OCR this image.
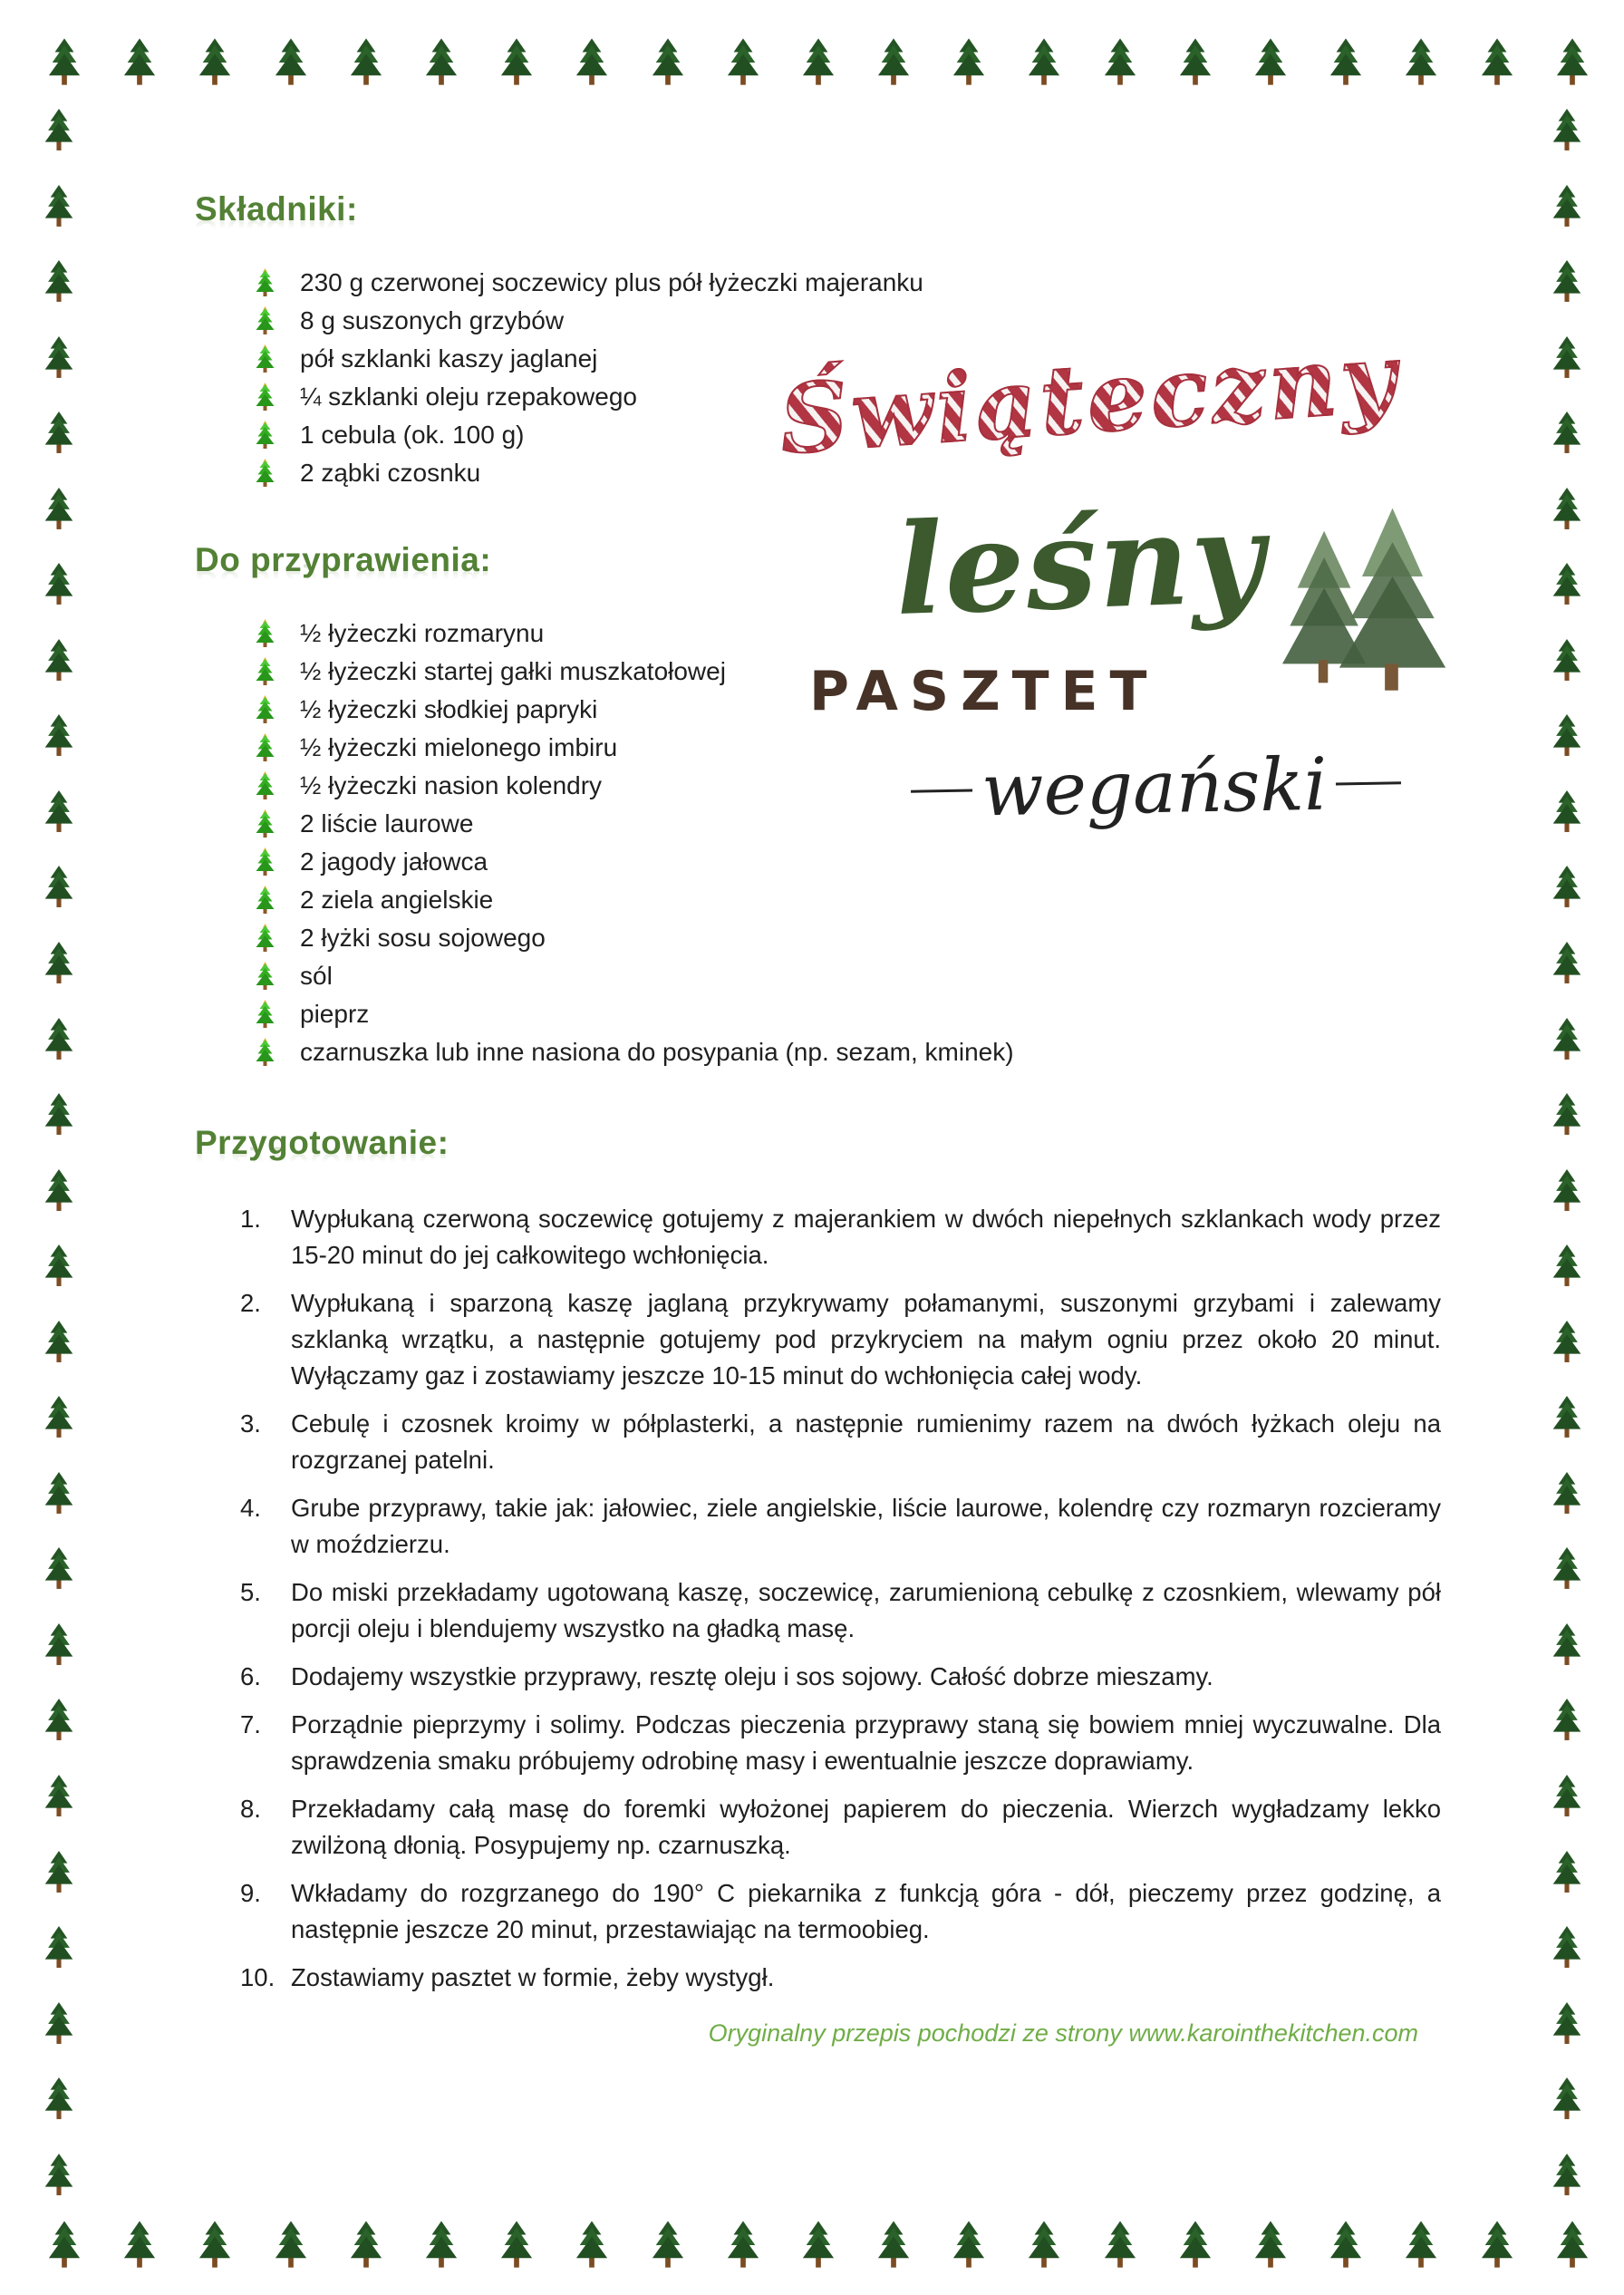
Świąteczny
leśny
PASZTET
wegański
Składniki:
230 g czerwonej soczewicy plus pół łyżeczki majeranku
8 g suszonych grzybów
pół szklanki kaszy jaglanej
¼ szklanki oleju rzepakowego
1 cebula (ok. 100 g)
2 ząbki czosnku
Do przyprawienia:
½ łyżeczki rozmarynu
½ łyżeczki startej gałki muszkatołowej
½ łyżeczki słodkiej papryki
½ łyżeczki mielonego imbiru
½ łyżeczki nasion kolendry
2 liście laurowe
2 jagody jałowca
2 ziela angielskie
2 łyżki sosu sojowego
sól
pieprz
czarnuszka lub inne nasiona do posypania (np. sezam, kminek)
Przygotowanie:
Wypłukaną czerwoną soczewicę gotujemy z majerankiem w dwóch niepełnych szklankach wody przez 15-20 minut do jej całkowitego wchłonięcia.
Wypłukaną i sparzoną kaszę jaglaną przykrywamy połamanymi, suszonymi grzybami i zalewamy szklanką wrzątku, a następnie gotujemy pod przykryciem na małym ogniu przez około 20 minut. Wyłączamy gaz i zostawiamy jeszcze 10-15 minut do wchłonięcia całej wody.
Cebulę i czosnek kroimy w półplasterki, a następnie rumienimy razem na dwóch łyżkach oleju na rozgrzanej patelni.
Grube przyprawy, takie jak: jałowiec, ziele angielskie, liście laurowe, kolendrę czy rozmaryn rozcieramy w moździerzu.
Do miski przekładamy ugotowaną kaszę, soczewicę, zarumienioną cebulkę z czosnkiem, wlewamy pół porcji oleju i blendujemy wszystko na gładką masę.
Dodajemy wszystkie przyprawy, resztę oleju i sos sojowy. Całość dobrze mieszamy.
Porządnie pieprzymy i solimy. Podczas pieczenia przyprawy staną się bowiem mniej wyczuwalne. Dla sprawdzenia smaku próbujemy odrobinę masy i ewentualnie jeszcze doprawiamy.
Przekładamy całą masę do foremki wyłożonej papierem do pieczenia. Wierzch wygładzamy lekko zwilżoną dłonią. Posypujemy np. czarnuszką.
Wkładamy do rozgrzanego do 190° C piekarnika z funkcją góra - dół, pieczemy przez godzinę, a następnie jeszcze 20 minut, przestawiając na termoobieg.
Zostawiamy pasztet w formie, żeby wystygł.
Oryginalny przepis pochodzi ze strony www.karointhekitchen.com
